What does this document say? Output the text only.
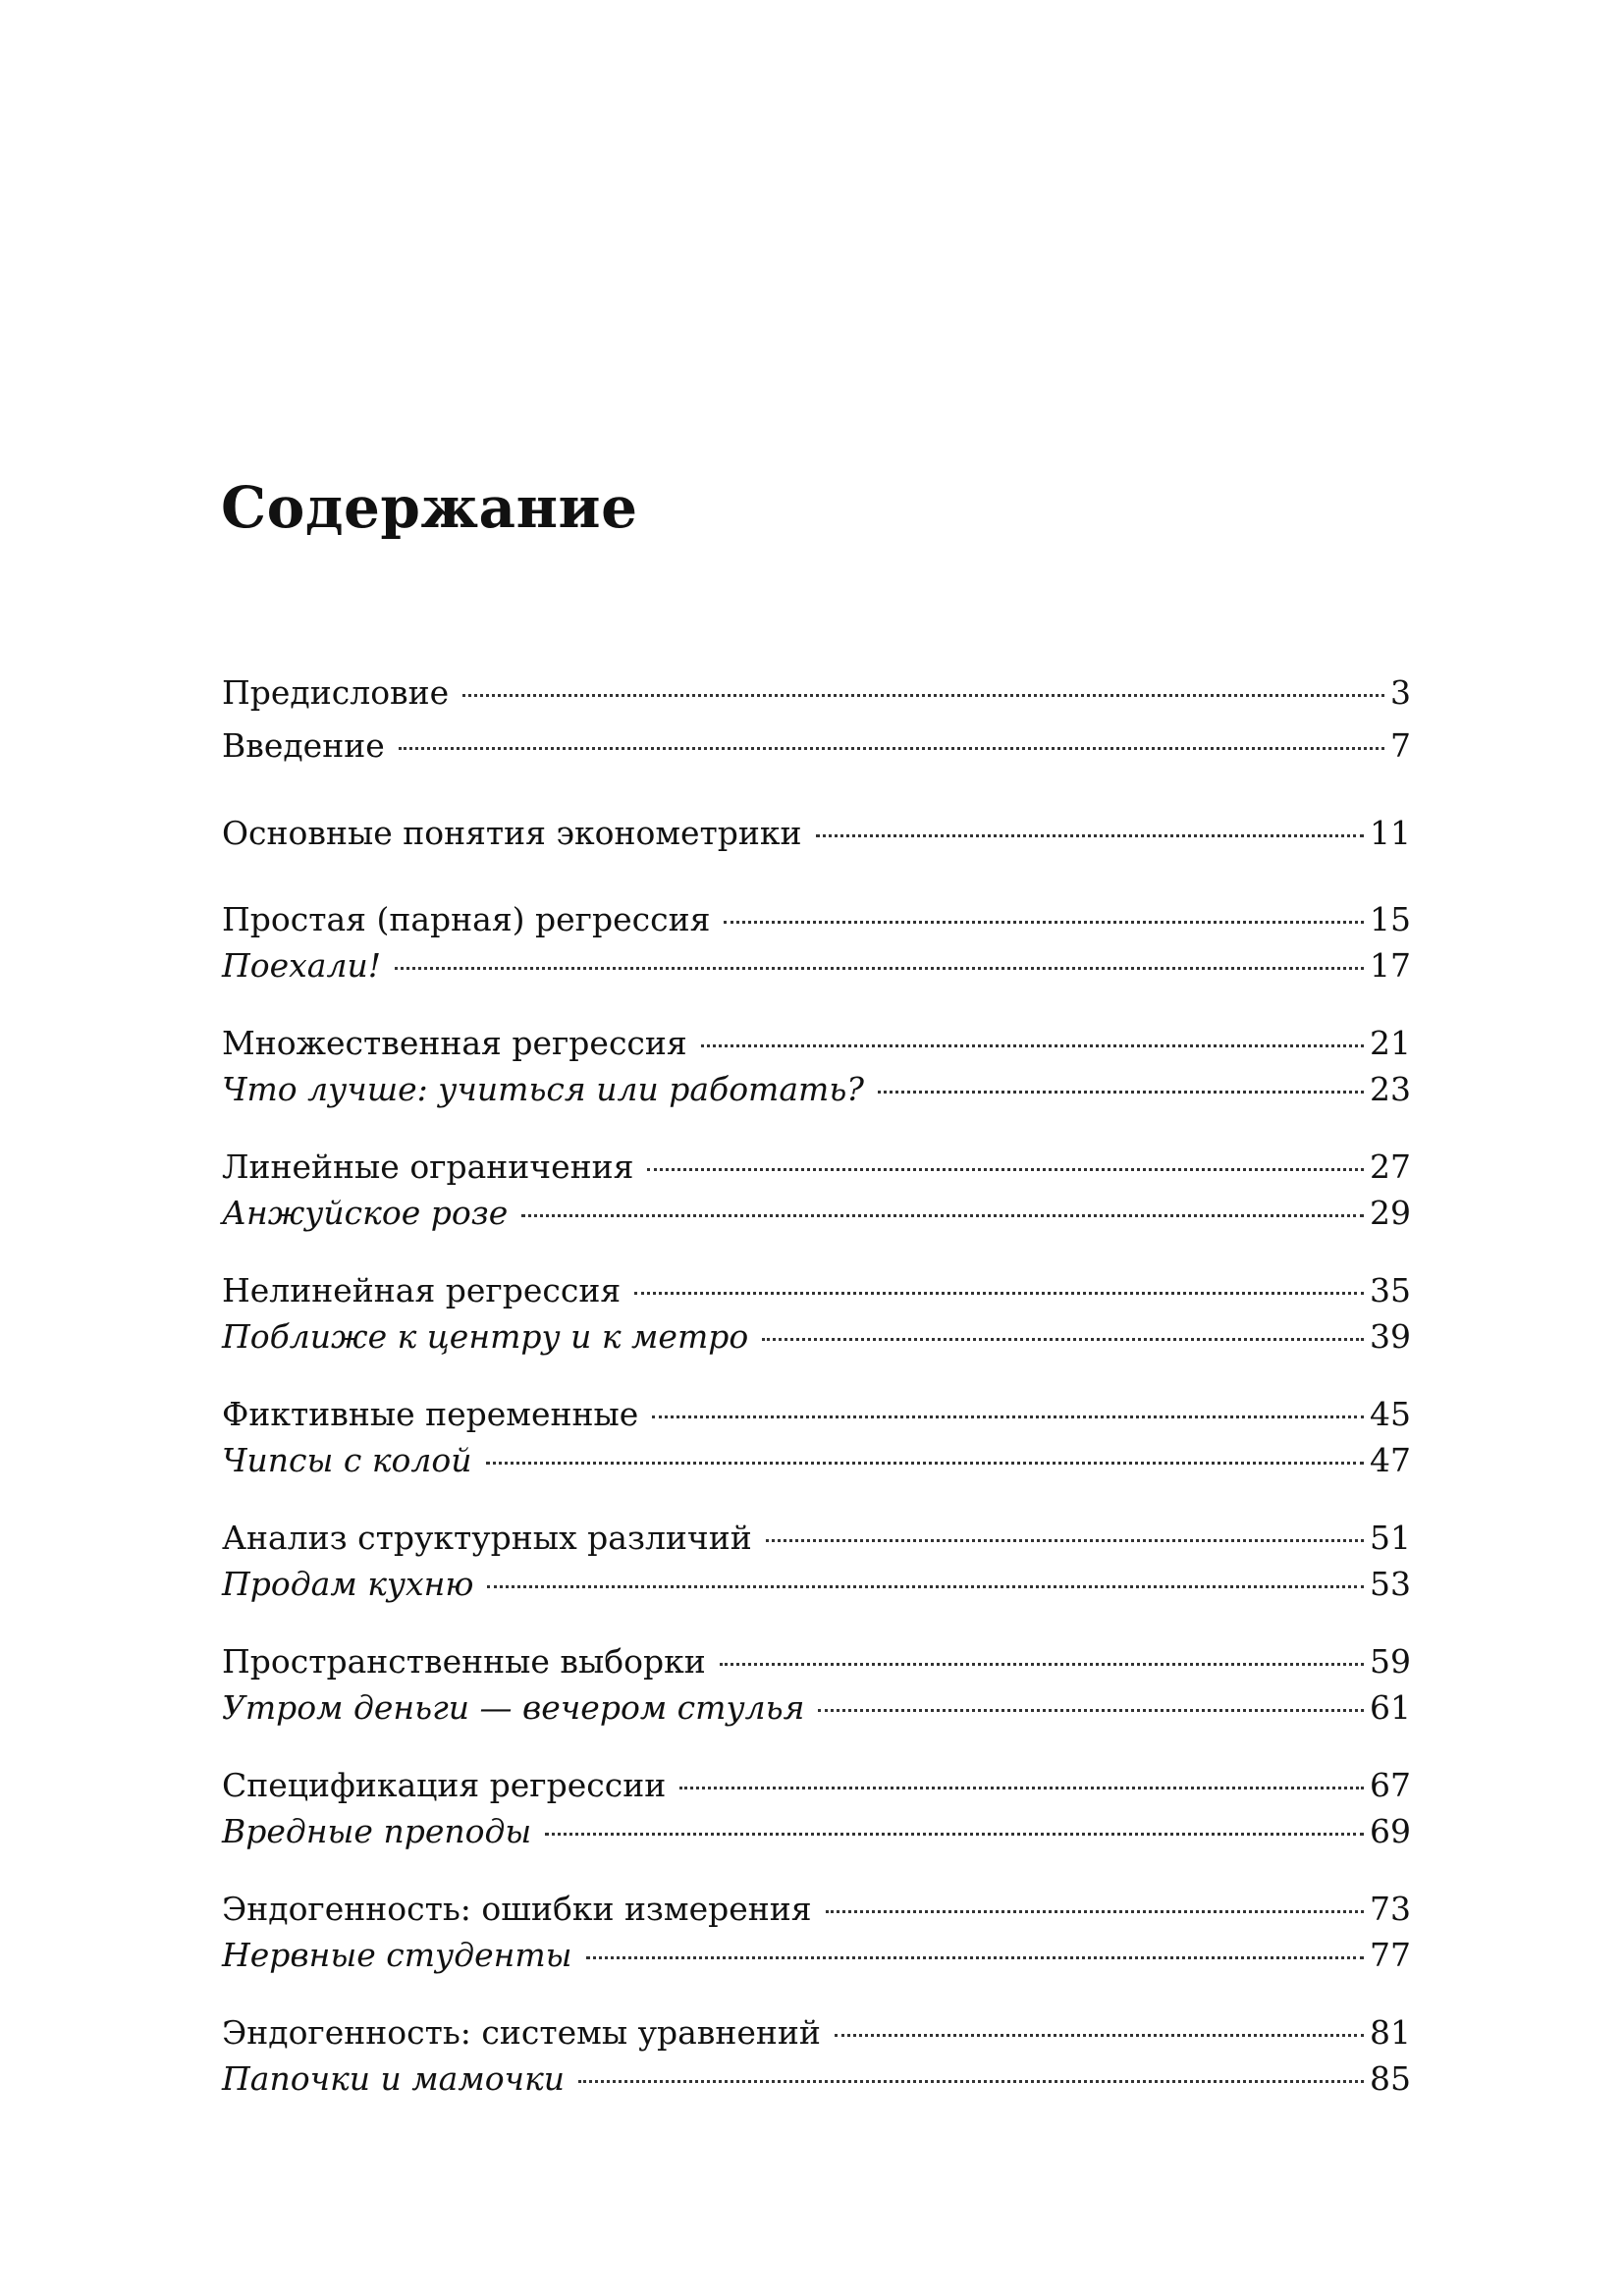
Содержание
Предисловие	3
Введение	7
Основные понятия эконометрики	11
Простая (парная) регрессия	15
Поехали!	17
Множественная регрессия	21
Что лучше: учиться или работать?	23
Линейные ограничения	27
Анжуйское розе	29
Нелинейная регрессия	35
Поближе к центру и к метро	39
Фиктивные переменные	45
Чипсы с колой	47
Анализ структурных различий	51
Продам кухню	53
Пространственные выборки	59
Утром деньги — вечером стулья	61
Спецификация регрессии	67
Вредные преподы	69
Эндогенность: ошибки измерения	73
Нервные студенты	77
Эндогенность: системы уравнений	81
Папочки и мамочки	85
